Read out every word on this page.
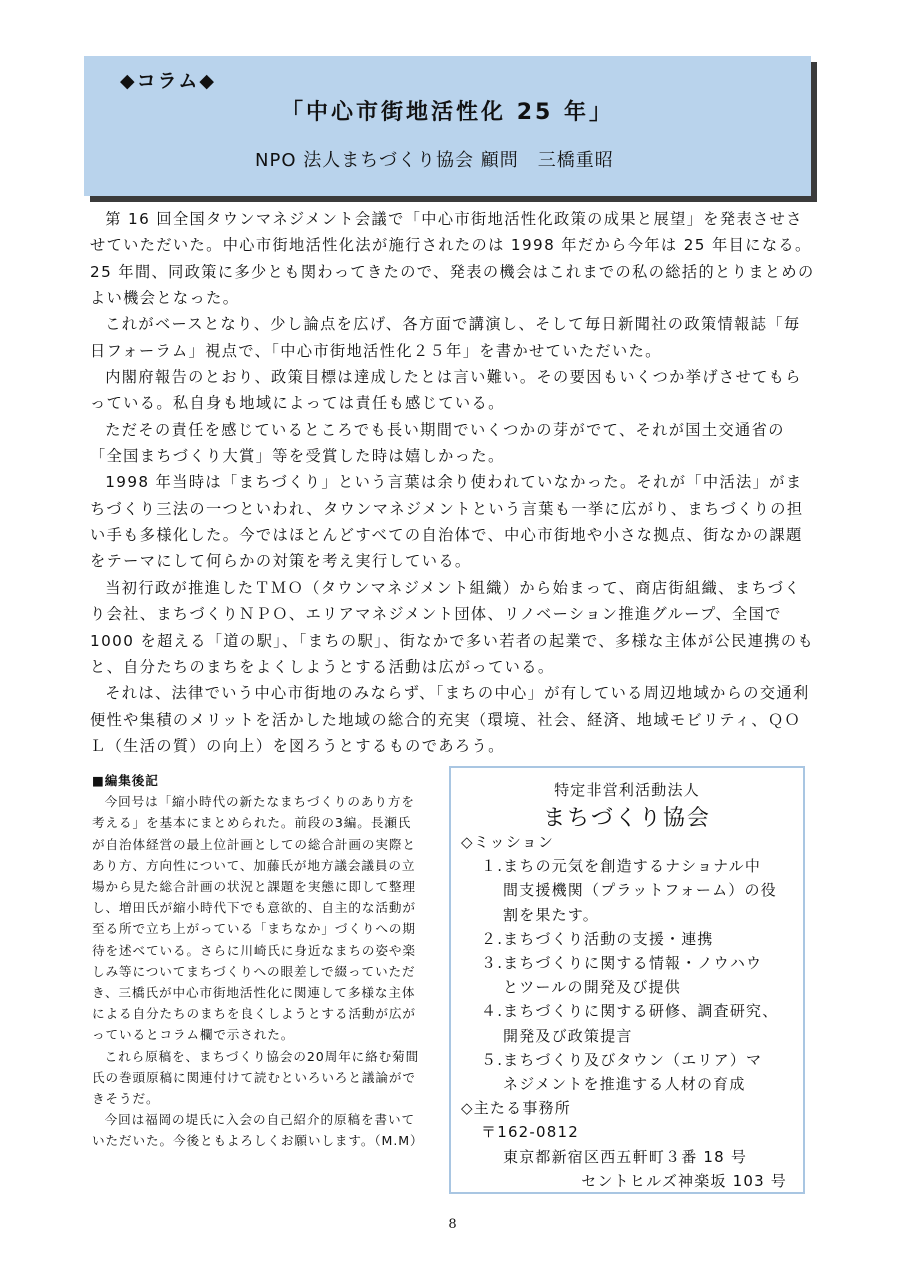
◆コラム◆
「中心市街地活性化 25 年」
NPO 法人まちづくり協会 顧問　三橋重昭

第 16 回全国タウンマネジメント会議で「中心市街地活性化政策の成果と展望」を発表させさせていただいた。中心市街地活性化法が施行されたのは 1998 年だから今年は 25 年目になる。25 年間、同政策に多少とも関わってきたので、発表の機会はこれまでの私の総括的とりまとめのよい機会となった。

これがベースとなり、少し論点を広げ、各方面で講演し、そして毎日新聞社の政策情報誌「毎日フォーラム」視点で、「中心市街地活性化２５年」を書かせていただいた。

内閣府報告のとおり、政策目標は達成したとは言い難い。その要因もいくつか挙げさせてもらっている。私自身も地域によっては責任も感じている。

ただその責任を感じているところでも長い期間でいくつかの芽がでて、それが国土交通省の「全国まちづくり大賞」等を受賞した時は嬉しかった。

1998 年当時は「まちづくり」という言葉は余り使われていなかった。それが「中活法」がまちづくり三法の一つといわれ、タウンマネジメントという言葉も一挙に広がり、まちづくりの担い手も多様化した。今ではほとんどすべての自治体で、中心市街地や小さな拠点、街なかの課題をテーマにして何らかの対策を考え実行している。

当初行政が推進したＴＭＯ（タウンマネジメント組織）から始まって、商店街組織、まちづくり会社、まちづくりＮＰＯ、エリアマネジメント団体、リノベーション推進グループ、全国で 1000 を超える「道の駅」、「まちの駅」、街なかで多い若者の起業で、多様な主体が公民連携のもと、自分たちのまちをよくしようとする活動は広がっている。

それは、法律でいう中心市街地のみならず、「まちの中心」が有している周辺地域からの交通利便性や集積のメリットを活かした地域の総合的充実（環境、社会、経済、地域モビリティ、ＱＯＬ（生活の質）の向上）を図ろうとするものであろう。

■編集後記

今回号は「縮小時代の新たなまちづくりのあり方を考える」を基本にまとめられた。前段の3編。長瀬氏が自治体経営の最上位計画としての総合計画の実際とあり方、方向性について、加藤氏が地方議会議員の立場から見た総合計画の状況と課題を実態に即して整理し、増田氏が縮小時代下でも意欲的、自主的な活動が至る所で立ち上がっている「まちなか」づくりへの期待を述べている。さらに川崎氏に身近なまちの姿や楽しみ等についてまちづくりへの眼差しで綴っていただき、三橋氏が中心市街地活性化に関連して多様な主体による自分たちのまちを良くしようとする活動が広がっているとコラム欄で示された。

これら原稿を、まちづくり協会の20周年に絡む菊間氏の巻頭原稿に関連付けて読むといろいろと議論ができそうだ。

今回は福岡の堤氏に入会の自己紹介的原稿を書いていただいた。今後ともよろしくお願いします。（M.M）

特定非営利活動法人
まちづくり協会
◇ミッション
１.まちの元気を創造するナショナル中
間支援機関（プラットフォーム）の役
割を果たす。
２.まちづくり活動の支援・連携
３.まちづくりに関する情報・ノウハウ
とツールの開発及び提供
４.まちづくりに関する研修、調査研究、
開発及び政策提言
５.まちづくり及びタウン（エリア）マ
ネジメントを推進する人材の育成
◇主たる事務所
〒162-0812
東京都新宿区西五軒町３番 18 号
セントヒルズ神楽坂 103 号
8
